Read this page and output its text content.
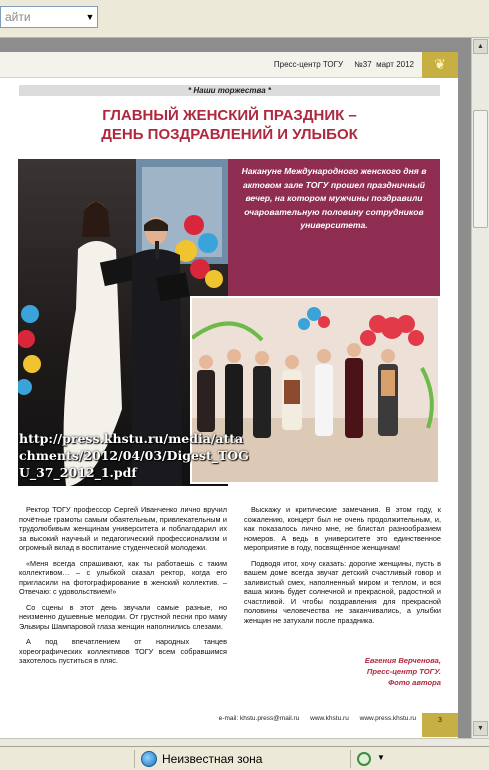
айти	▼
Пресс-центр ТОГУ     №37  март 2012	❦
* Наши торжества *
ГЛАВНЫЙ ЖЕНСКИЙ ПРАЗДНИК –
ДЕНЬ ПОЗДРАВЛЕНИЙ И УЛЫБОК
Накануне Международного женского дня в актовом зале ТОГУ прошел праздничный вечер, на котором мужчины поздравили очаровательную половину сотрудников университета.
http://press.khstu.ru/media/attachments/2012/04/03/Digest_TOGU_37_2012_1.pdf

Ректор ТОГУ профессор Сергей Иванченко лично вручил почётные грамоты самым обаятельным, привлекательным и трудолюбивым женщинам университета и поблагодарил их за высокий научный и педагогический профессионализм и огромный вклад в воспитание студенческой молодежи.

«Меня всегда спрашивают, как ты работаешь с таким коллективом… – с улыбкой сказал ректор, когда его пригласили на фотографирование в женский коллектив. – Отвечаю: с удовольствием!»

Со сцены в этот день звучали самые разные, но неизменно душевные мелодии. От грустной песни про маму Эльвиры Шампаровой глаза женщин наполнились слезами.

А под впечатлением от народных танцев хореографических коллективов ТОГУ всем собравшимся захотелось пуститься в пляс.

Выскажу и критические замечания. В этом году, к сожалению, концерт был не очень продолжительным, и, как показалось лично мне, не блистал разнообразием номеров. А ведь в университете это единственное мероприятие в году, посвящённое женщинам!

Подводя итог, хочу сказать: дорогие женщины, пусть в вашем доме всегда звучат детский счастливый говор и заливистый смех, наполненный миром и теплом, и вся ваша жизнь будет солнечной и прекрасной, радостной и счастливой. И чтобы поздравления для прекрасной половины человечества не заканчивались, а улыбки женщин не затухали после праздника.

Евгения Верченова,
Пресс-центр ТОГУ.
Фото автора
e-mail: khstu.press@mail.ru      www.khstu.ru      www.press.khstu.ru	3
▲
▼
Неизвестная зона	▼
